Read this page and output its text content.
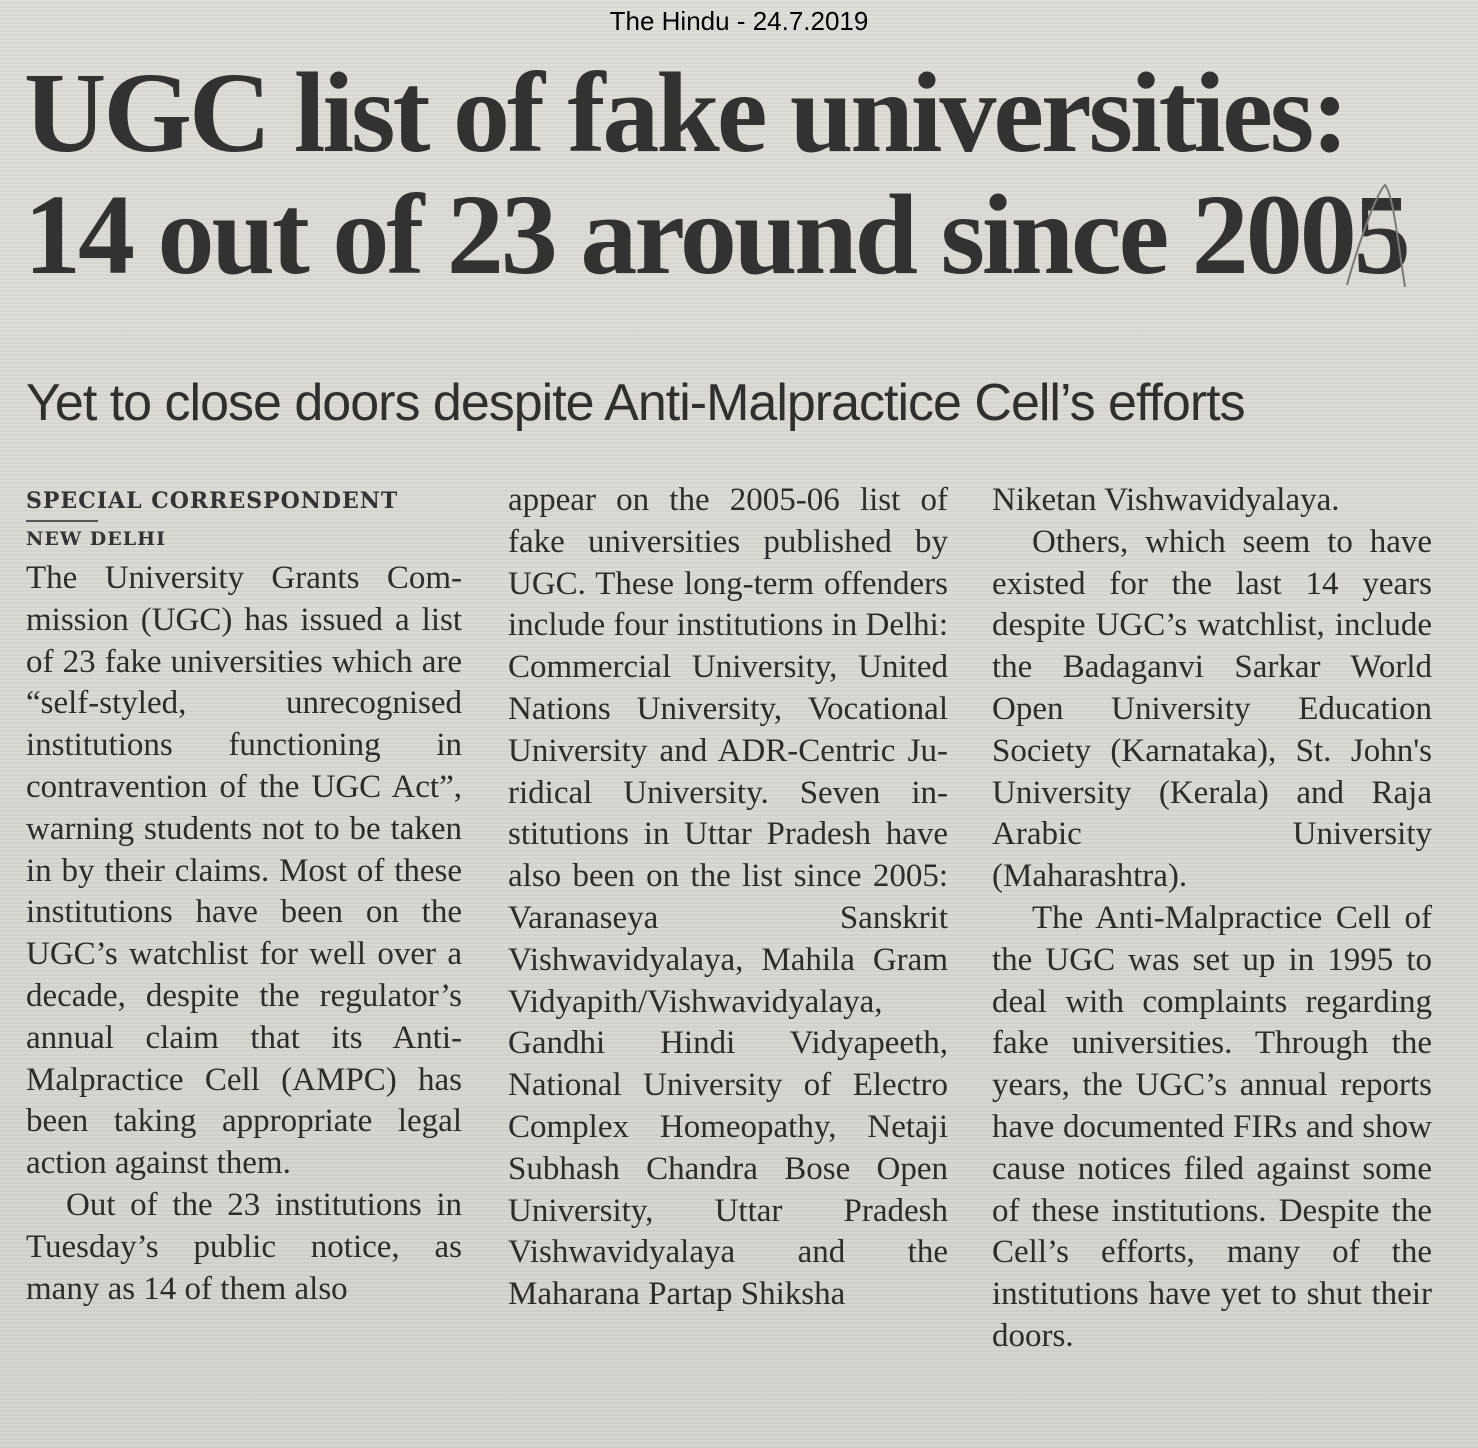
The Hindu - 24.7.2019
UGC list of fake universities: 14 out of 23 around since 2005
Yet to close doors despite Anti-Malpractice Cell’s efforts
SPECIAL CORRESPONDENT
NEW DELHI

The University Grants Commission (UGC) has issued a list of 23 fake universities which are “self-styled, unrecognised institutions functioning in contravention of the UGC Act”, warning students not to be taken in by their claims. Most of these institutions have been on the UGC’s watchlist for well over a decade, despite the regulator’s annual claim that its Anti-Malpractice Cell (AMPC) has been taking appropriate legal action against them.

Out of the 23 institutions in Tuesday’s public notice, as many as 14 of them also

appear on the 2005-06 list of fake universities published by UGC. These long-term offenders include four institutions in Delhi: Commercial University, United Nations University, Vocational University and ADR-Centric Juridical University. Seven institutions in Uttar Pradesh have also been on the list since 2005: Varanaseya Sanskrit Vishwavidyalaya, Mahila Gram Vidyapith/Vishwavidyalaya, Gandhi Hindi Vidyapeeth, National University of Electro Complex Homeopathy, Netaji Subhash Chandra Bose Open University, Uttar Pradesh Vishwavidyalaya and the Maharana Partap Shiksha

Niketan Vishwavidyalaya.

Others, which seem to have existed for the last 14 years despite UGC’s watchlist, include the Badaganvi Sarkar World Open University Education Society (Karnataka), St. John's University (Kerala) and Raja Arabic University (Maharashtra).

The Anti-Malpractice Cell of the UGC was set up in 1995 to deal with complaints regarding fake universities. Through the years, the UGC’s annual reports have documented FIRs and show cause notices filed against some of these institutions. Despite the Cell’s efforts, many of the institutions have yet to shut their doors.
